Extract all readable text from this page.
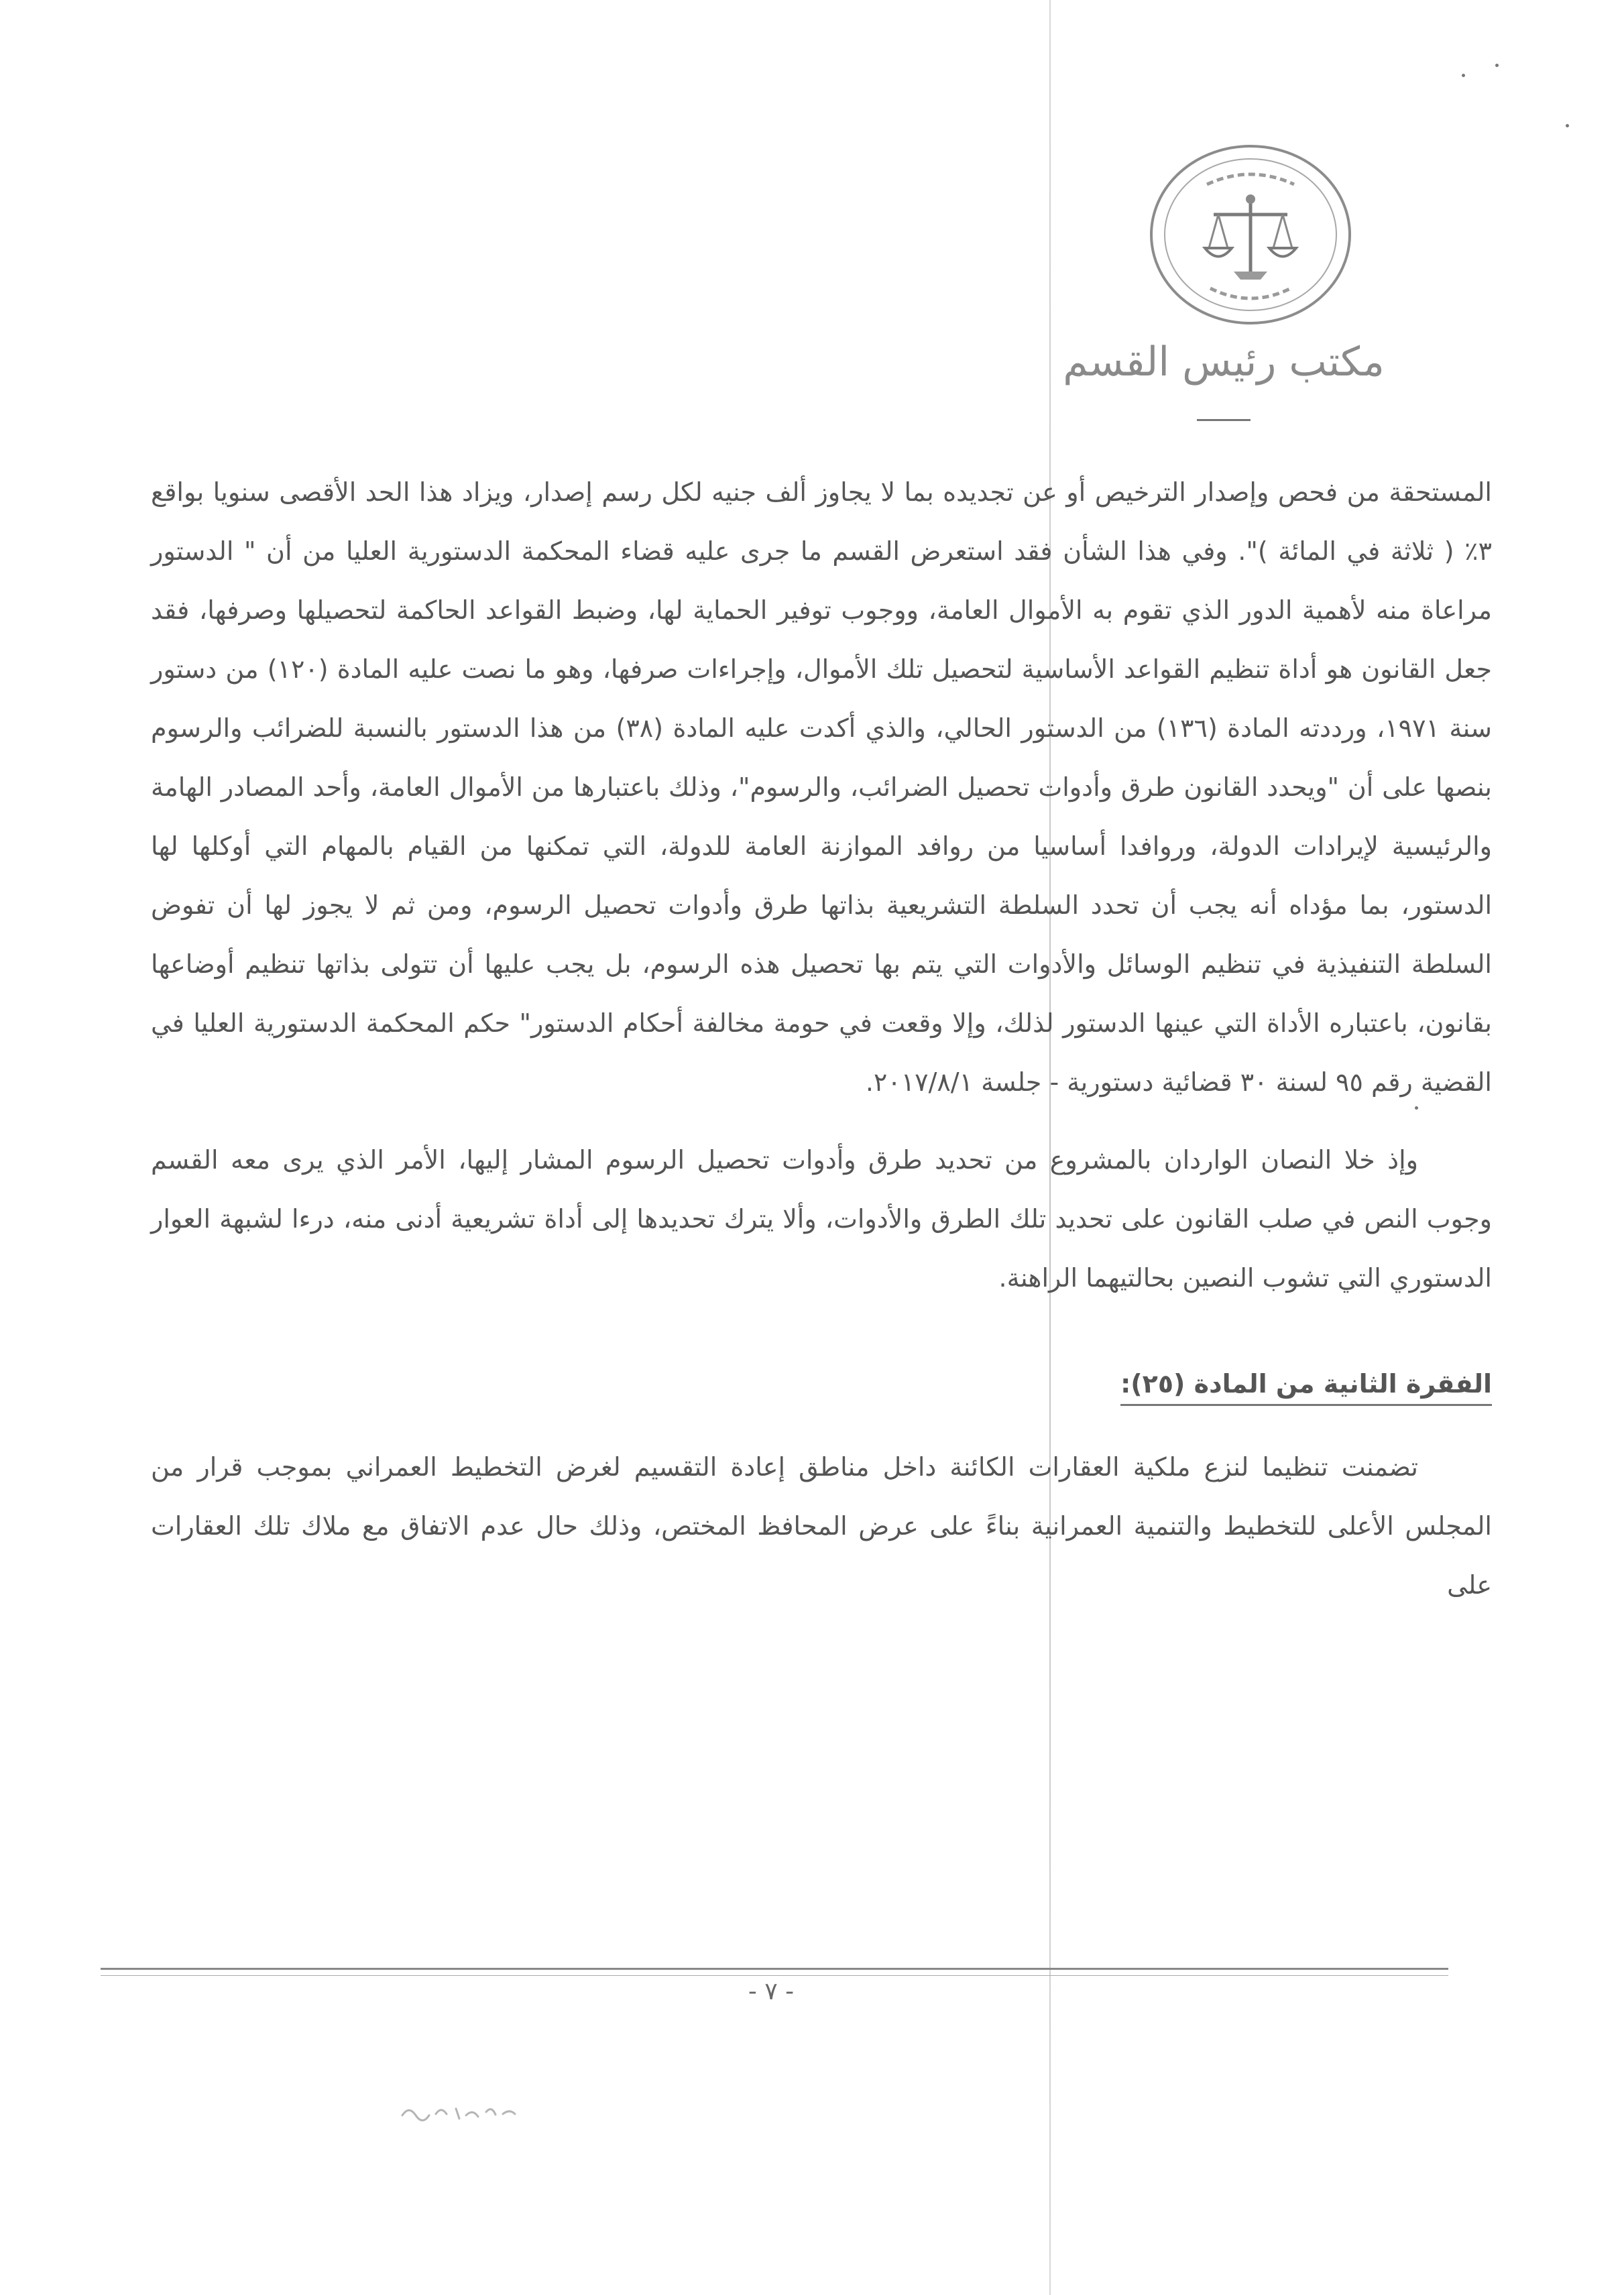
مكتب رئيس القسم

المستحقة من فحص وإصدار الترخيص أو عن تجديده بما لا يجاوز ألف جنيه لكل رسم إصدار، ويزاد هذا الحد الأقصى سنويا بواقع ٣٪ ( ثلاثة في المائة )". وفي هذا الشأن فقد استعرض القسم ما جرى عليه قضاء المحكمة الدستورية العليا من أن " الدستور مراعاة منه لأهمية الدور الذي تقوم به الأموال العامة، ووجوب توفير الحماية لها، وضبط القواعد الحاكمة لتحصيلها وصرفها، فقد جعل القانون هو أداة تنظيم القواعد الأساسية لتحصيل تلك الأموال، وإجراءات صرفها، وهو ما نصت عليه المادة (١٢٠) من دستور سنة ١٩٧١، ورددته المادة (١٣٦) من الدستور الحالي، والذي أكدت عليه المادة (٣٨) من هذا الدستور بالنسبة للضرائب والرسوم بنصها على أن "ويحدد القانون طرق وأدوات تحصيل الضرائب، والرسوم"، وذلك باعتبارها من الأموال العامة، وأحد المصادر الهامة والرئيسية لإيرادات الدولة، وروافدا أساسيا من روافد الموازنة العامة للدولة، التي تمكنها من القيام بالمهام التي أوكلها لها الدستور، بما مؤداه أنه يجب أن تحدد السلطة التشريعية بذاتها طرق وأدوات تحصيل الرسوم، ومن ثم لا يجوز لها أن تفوض السلطة التنفيذية في تنظيم الوسائل والأدوات التي يتم بها تحصيل هذه الرسوم، بل يجب عليها أن تتولى بذاتها تنظيم أوضاعها بقانون، باعتباره الأداة التي عينها الدستور لذلك، وإلا وقعت في حومة مخالفة أحكام الدستور" حكم المحكمة الدستورية العليا في القضية رقم ٩٥ لسنة ٣٠ قضائية دستورية - جلسة ٢٠١٧/٨/١.

وإذ خلا النصان الواردان بالمشروع من تحديد طرق وأدوات تحصيل الرسوم المشار إليها، الأمر الذي يرى معه القسم وجوب النص في صلب القانون على تحديد تلك الطرق والأدوات، وألا يترك تحديدها إلى أداة تشريعية أدنى منه، درءا لشبهة العوار الدستوري التي تشوب النصين بحالتيهما الراهنة.

الفقرة الثانية من المادة (٢٥):

تضمنت تنظيما لنزع ملكية العقارات الكائنة داخل مناطق إعادة التقسيم لغرض التخطيط العمراني بموجب قرار من المجلس الأعلى للتخطيط والتنمية العمرانية بناءً على عرض المحافظ المختص، وذلك حال عدم الاتفاق مع ملاك تلك العقارات على

- ٧ -
